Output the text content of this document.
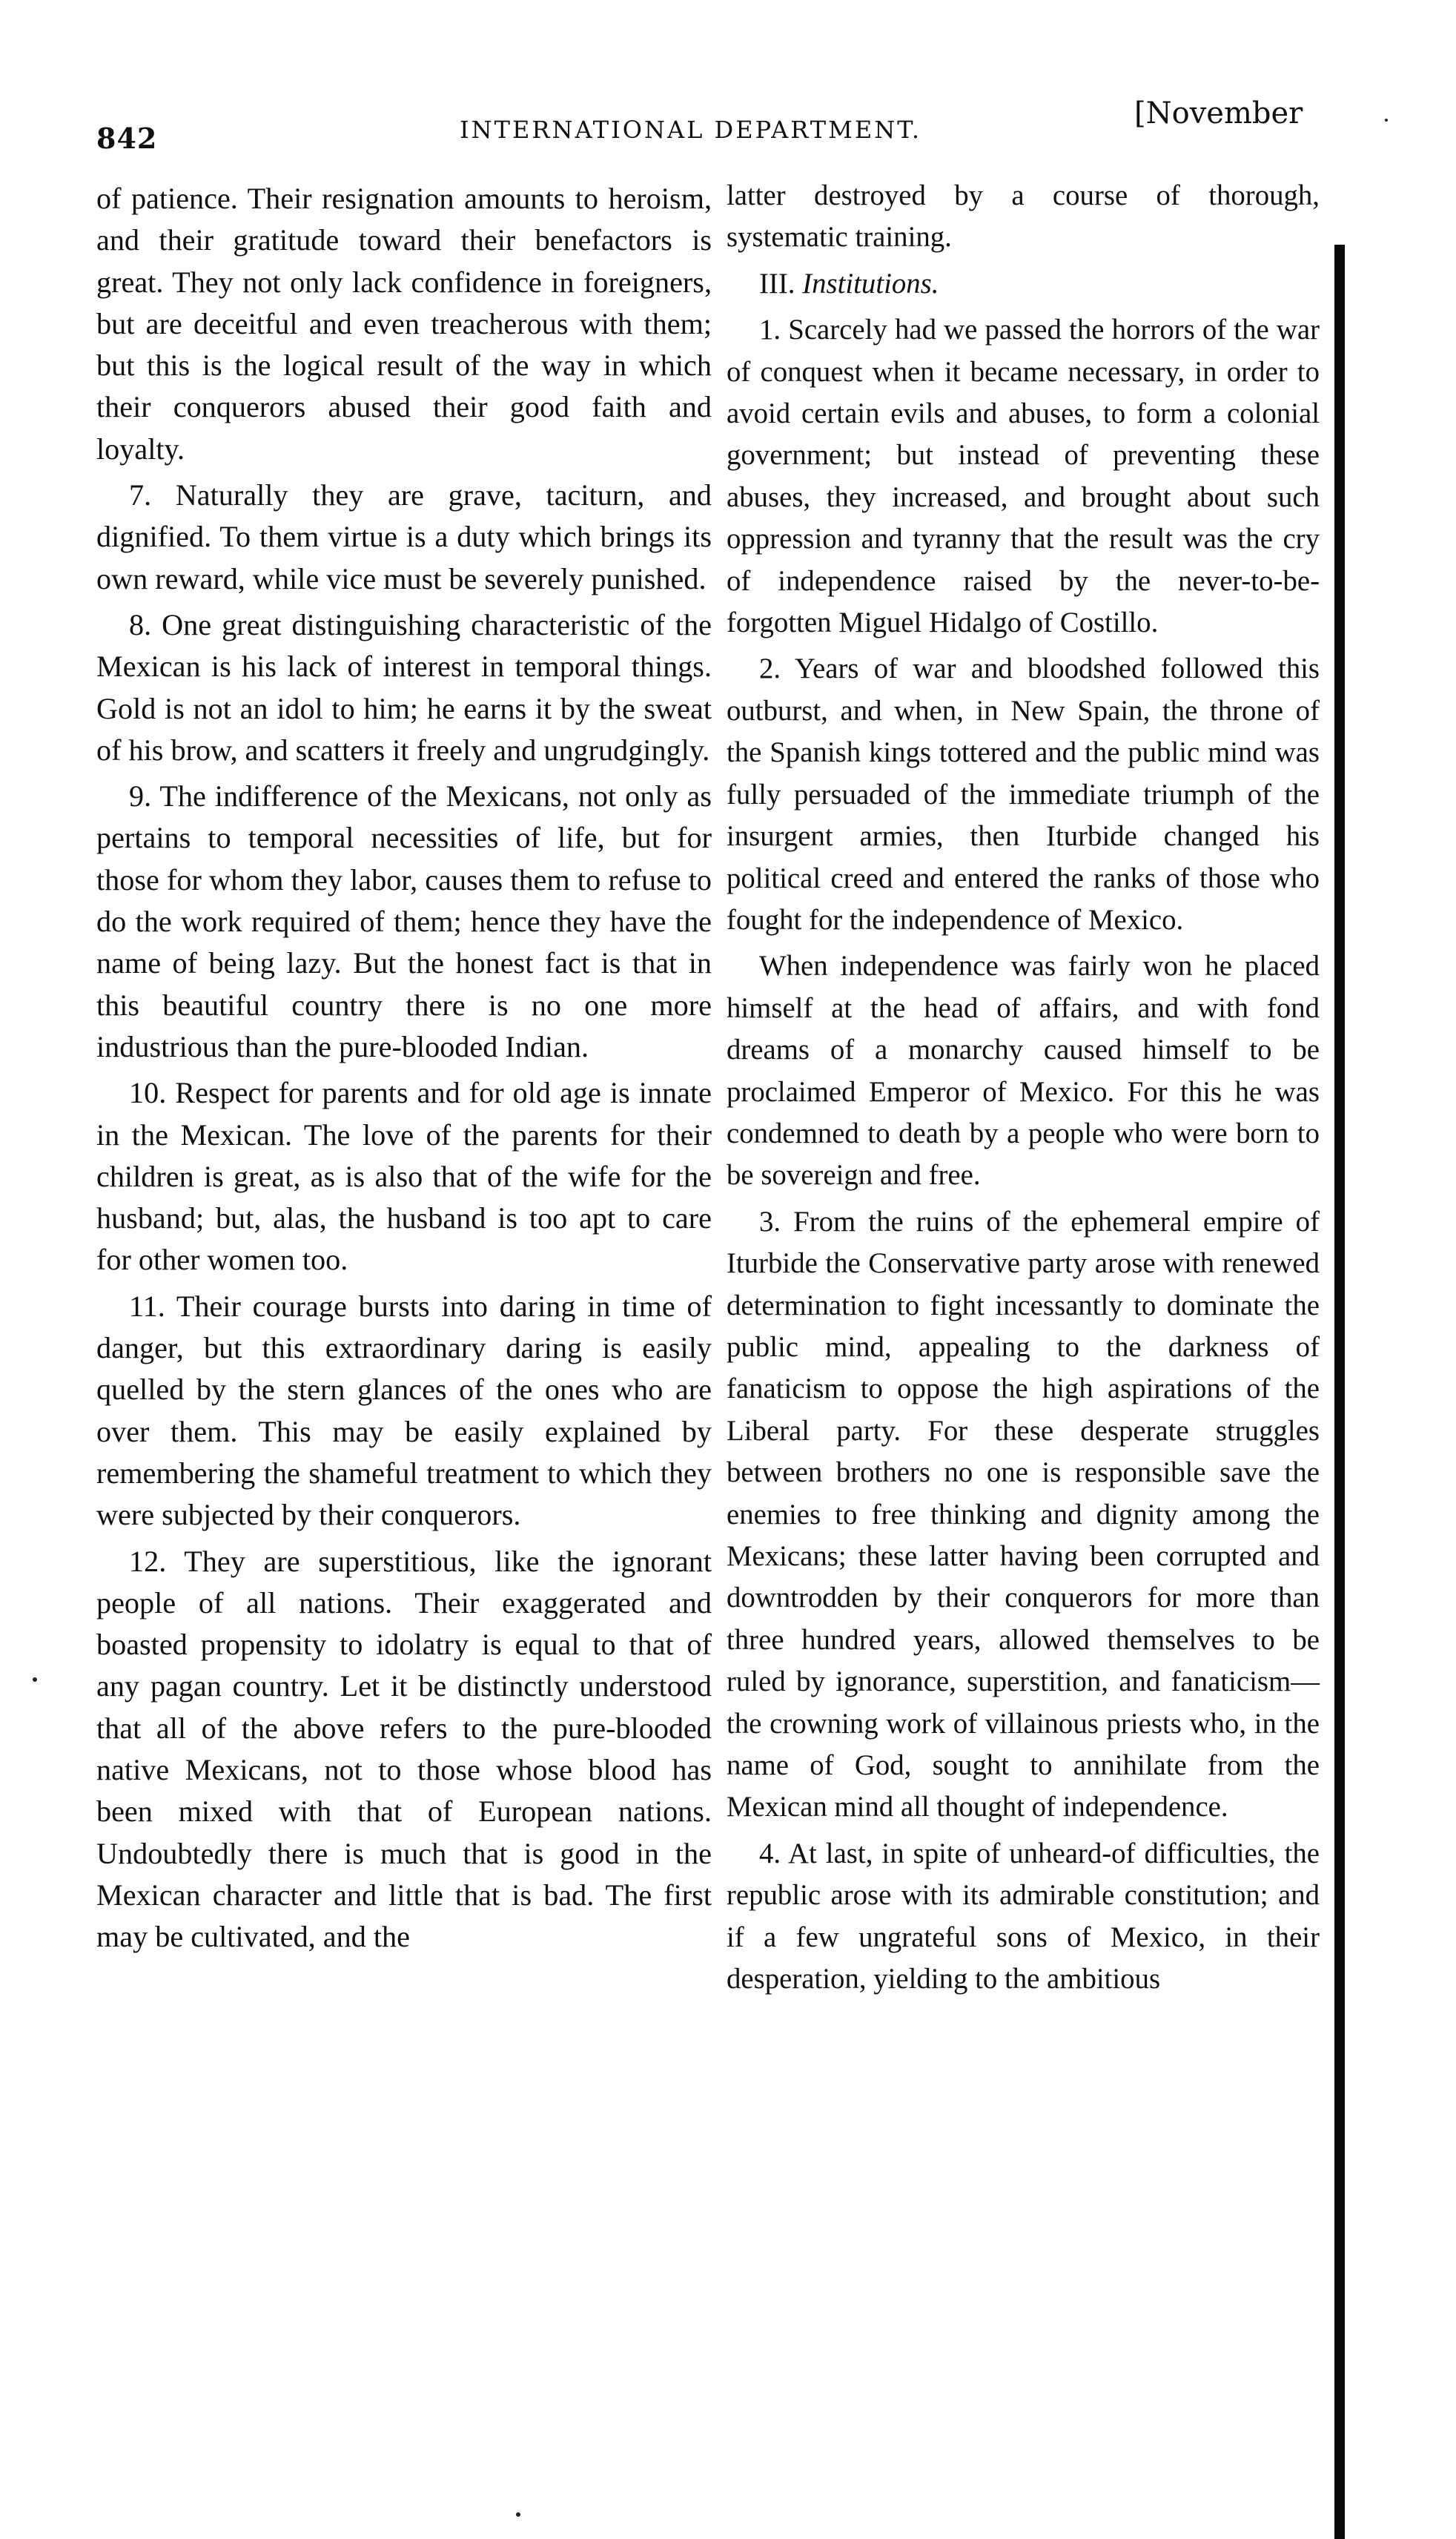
842	INTERNATIONAL DEPARTMENT.	[November

of patience. Their resignation amounts to heroism, and their gratitude toward their benefactors is great. They not only lack confidence in foreigners, but are deceitful and even treacherous with them; but this is the logical result of the way in which their conquerors abused their good faith and loyalty.

7. Naturally they are grave, taciturn, and dignified. To them virtue is a duty which brings its own reward, while vice must be severely punished.

8. One great distinguishing characteristic of the Mexican is his lack of interest in temporal things. Gold is not an idol to him; he earns it by the sweat of his brow, and scatters it freely and ungrudgingly.

9. The indifference of the Mexicans, not only as pertains to temporal necessities of life, but for those for whom they labor, causes them to refuse to do the work required of them; hence they have the name of being lazy. But the honest fact is that in this beautiful country there is no one more industrious than the pure-blooded Indian.

10. Respect for parents and for old age is innate in the Mexican. The love of the parents for their children is great, as is also that of the wife for the husband; but, alas, the husband is too apt to care for other women too.

11. Their courage bursts into daring in time of danger, but this extraordinary daring is easily quelled by the stern glances of the ones who are over them. This may be easily explained by remembering the shameful treatment to which they were subjected by their conquerors.

12. They are superstitious, like the ignorant people of all nations. Their exaggerated and boasted propensity to idolatry is equal to that of any pagan country. Let it be distinctly understood that all of the above refers to the pure-blooded native Mexicans, not to those whose blood has been mixed with that of European nations. Undoubtedly there is much that is good in the Mexican character and little that is bad. The first may be cultivated, and the

latter destroyed by a course of thorough, systematic training.

III. Institutions.

1. Scarcely had we passed the horrors of the war of conquest when it became necessary, in order to avoid certain evils and abuses, to form a colonial government; but instead of preventing these abuses, they increased, and brought about such oppression and tyranny that the result was the cry of independence raised by the never-to-be-forgotten Miguel Hidalgo of Costillo.

2. Years of war and bloodshed followed this outburst, and when, in New Spain, the throne of the Spanish kings tottered and the public mind was fully persuaded of the immediate triumph of the insurgent armies, then Iturbide changed his political creed and entered the ranks of those who fought for the independence of Mexico.

When independence was fairly won he placed himself at the head of affairs, and with fond dreams of a monarchy caused himself to be proclaimed Emperor of Mexico. For this he was condemned to death by a people who were born to be sovereign and free.

3. From the ruins of the ephemeral empire of Iturbide the Conservative party arose with renewed determination to fight incessantly to dominate the public mind, appealing to the darkness of fanaticism to oppose the high aspirations of the Liberal party. For these desperate struggles between brothers no one is responsible save the enemies to free thinking and dignity among the Mexicans; these latter having been corrupted and downtrodden by their conquerors for more than three hundred years, allowed themselves to be ruled by ignorance, superstition, and fanaticism—the crowning work of villainous priests who, in the name of God, sought to annihilate from the Mexican mind all thought of independence.

4. At last, in spite of unheard-of difficulties, the republic arose with its admirable constitution; and if a few ungrateful sons of Mexico, in their desperation, yielding to the ambitious
